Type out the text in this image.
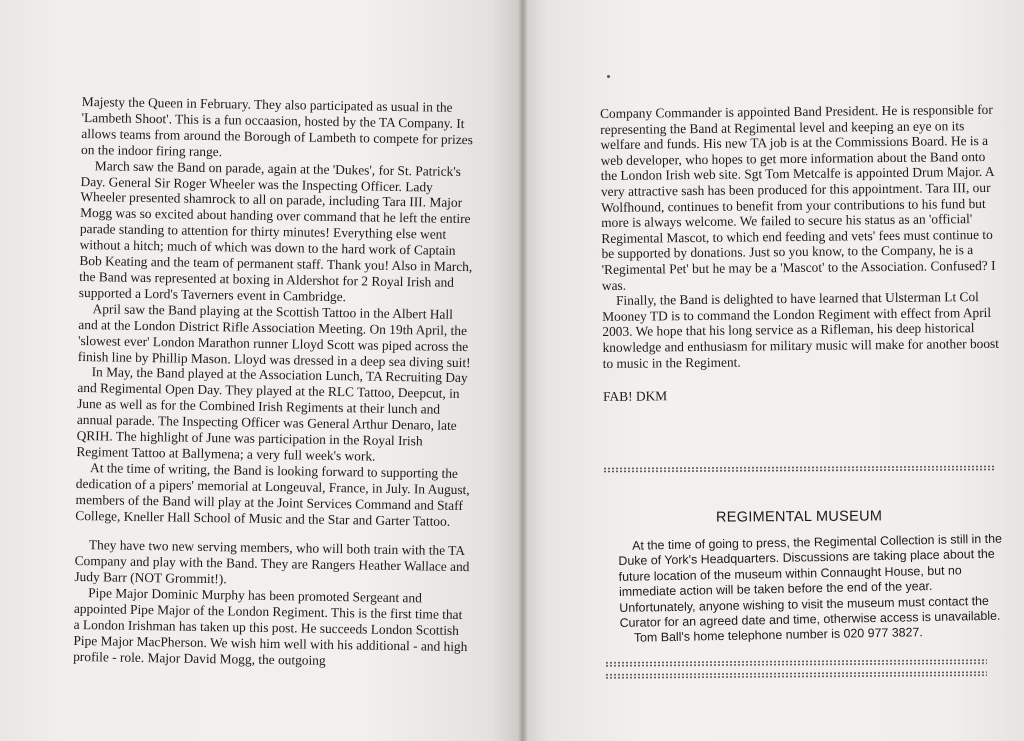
Majesty the Queen in February. They also participated as usual in the 'Lambeth Shoot'. This is a fun occaasion, hosted by the TA Company. It allows teams from around the Borough of Lambeth to compete for prizes on the indoor firing range.

March saw the Band on parade, again at the 'Dukes', for St. Patrick's Day. General Sir Roger Wheeler was the Inspecting Officer. Lady Wheeler presented shamrock to all on parade, including Tara III. Major Mogg was so excited about handing over command that he left the entire parade standing to attention for thirty minutes! Everything else went without a hitch; much of which was down to the hard work of Captain Bob Keating and the team of permanent staff. Thank you! Also in March, the Band was represented at boxing in Aldershot for 2 Royal Irish and supported a Lord's Taverners event in Cambridge.

April saw the Band playing at the Scottish Tattoo in the Albert Hall and at the London District Rifle Association Meeting. On 19th April, the 'slowest ever' London Marathon runner Lloyd Scott was piped across the finish line by Phillip Mason. Lloyd was dressed in a deep sea diving suit!

In May, the Band played at the Association Lunch, TA Recruiting Day and Regimental Open Day. They played at the RLC Tattoo, Deepcut, in June as well as for the Combined Irish Regiments at their lunch and annual parade. The Inspecting Officer was General Arthur Denaro, late QRIH. The highlight of June was participation in the Royal Irish Regiment Tattoo at Ballymena; a very full week's work.

At the time of writing, the Band is looking forward to supporting the dedication of a pipers' memorial at Longeuval, France, in July. In August, members of the Band will play at the Joint Services Command and Staff College, Kneller Hall School of Music and the Star and Garter Tattoo.

They have two new serving members, who will both train with the TA Company and play with the Band. They are Rangers Heather Wallace and Judy Barr (NOT Grommit!).

Pipe Major Dominic Murphy has been promoted Sergeant and appointed Pipe Major of the London Regiment. This is the first time that a London Irishman has taken up this post. He succeeds London Scottish Pipe Major MacPherson. We wish him well with his additional - and high profile - role. Major David Mogg, the outgoing

Company Commander is appointed Band President. He is responsible for representing the Band at Regimental level and keeping an eye on its welfare and funds. His new TA job is at the Commissions Board. He is a web developer, who hopes to get more information about the Band onto the London Irish web site. Sgt Tom Metcalfe is appointed Drum Major. A very attractive sash has been produced for this appointment. Tara III, our Wolfhound, continues to benefit from your contributions to his fund but more is always welcome. We failed to secure his status as an 'official' Regimental Mascot, to which end feeding and vets' fees must continue to be supported by donations. Just so you know, to the Company, he is a 'Regimental Pet' but he may be a 'Mascot' to the Association. Confused? I was.

Finally, the Band is delighted to have learned that Ulsterman Lt Col Mooney TD is to command the London Regiment with effect from April 2003. We hope that his long service as a Rifleman, his deep historical knowledge and enthusiasm for military music will make for another boost to music in the Regiment.

FAB! DKM

REGIMENTAL MUSEUM

At the time of going to press, the Regimental Collection is still in the Duke of York's Headquarters. Discussions are taking place about the future location of the museum within Connaught House, but no immediate action will be taken before the end of the year. Unfortunately, anyone wishing to visit the museum must contact the Curator for an agreed date and time, otherwise access is unavailable.

Tom Ball's home telephone number is 020 977 3827.
